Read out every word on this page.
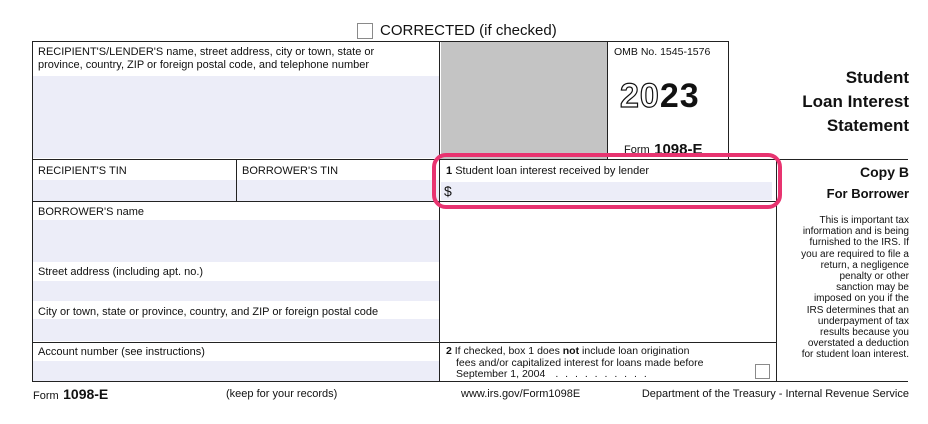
CORRECTED (if checked)
RECIPIENT'S/LENDER'S name, street address, city or town, state or
province, country, ZIP or foreign postal code, and telephone number
OMB No. 1545-1576
2023
$^{Form}$ 1098-E
Student
Loan Interest
Statement
RECIPIENT'S TIN	BORROWER'S TIN	1 Student loan interest received by lender
$
Copy B
For Borrower
This is important tax
information and is being
furnished to the IRS. If
you are required to file a
return, a negligence
penalty or other
sanction may be
imposed on you if the
IRS determines that an
underpayment of tax
results because you
overstated a deduction
for student loan interest.
BORROWER'S name
Street address (including apt. no.)
City or town, state or province, country, and ZIP or foreign postal code
Account number (see instructions)	2 If checked, box 1 does not include loan origination
fees and/or capitalized interest for loans made before
September 1, 2004 . . . . . . . . . .
Form 1098-E	(keep for your records)	www.irs.gov/Form1098E	Department of the Treasury - Internal Revenue Service
